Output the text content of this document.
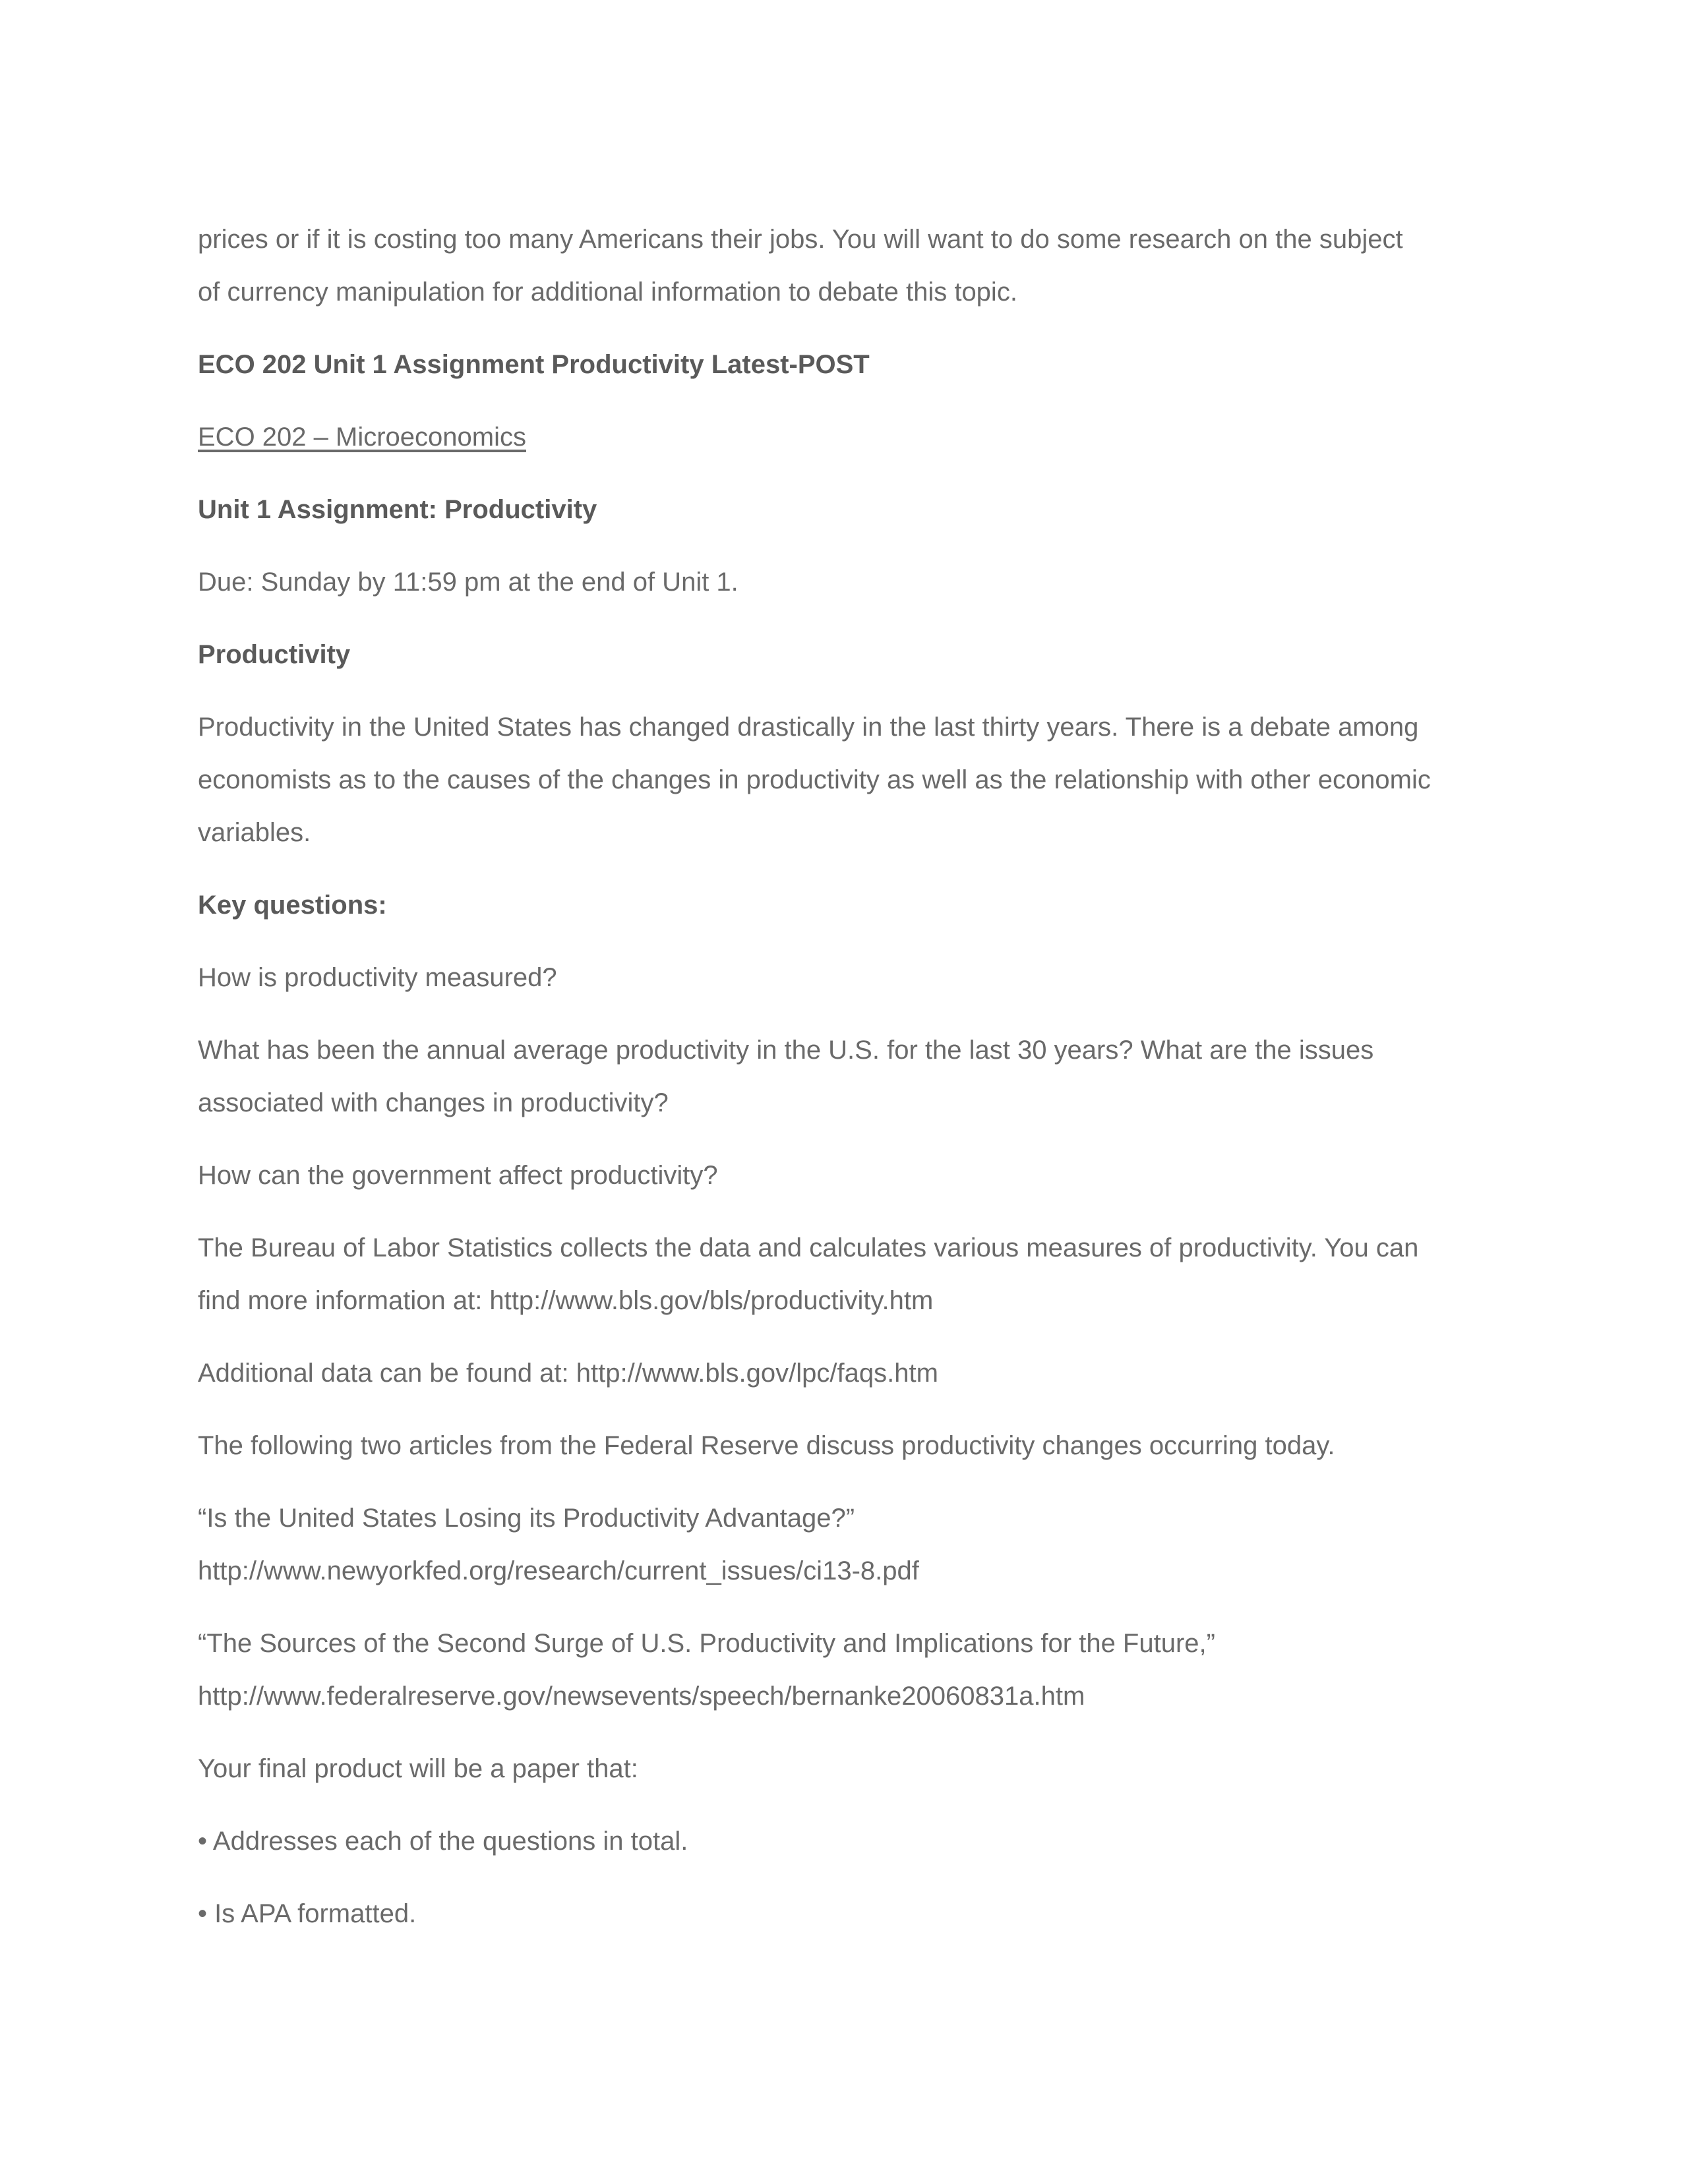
prices or if it is costing too many Americans their jobs. You will want to do some research on the subject
of currency manipulation for additional information to debate this topic.
ECO 202 Unit 1 Assignment Productivity Latest-POST
ECO 202 – Microeconomics
Unit 1 Assignment: Productivity
Due: Sunday by 11:59 pm at the end of Unit 1.
Productivity
Productivity in the United States has changed drastically in the last thirty years. There is a debate among
economists as to the causes of the changes in productivity as well as the relationship with other economic
variables.
Key questions:
How is productivity measured?
What has been the annual average productivity in the U.S. for the last 30 years? What are the issues
associated with changes in productivity?
How can the government affect productivity?
The Bureau of Labor Statistics collects the data and calculates various measures of productivity. You can
find more information at: http://www.bls.gov/bls/productivity.htm
Additional data can be found at: http://www.bls.gov/lpc/faqs.htm
The following two articles from the Federal Reserve discuss productivity changes occurring today.
“Is the United States Losing its Productivity Advantage?”
http://www.newyorkfed.org/research/current_issues/ci13-8.pdf
“The Sources of the Second Surge of U.S. Productivity and Implications for the Future,”
http://www.federalreserve.gov/newsevents/speech/bernanke20060831a.htm
Your final product will be a paper that:
• Addresses each of the questions in total.
• Is APA formatted.
